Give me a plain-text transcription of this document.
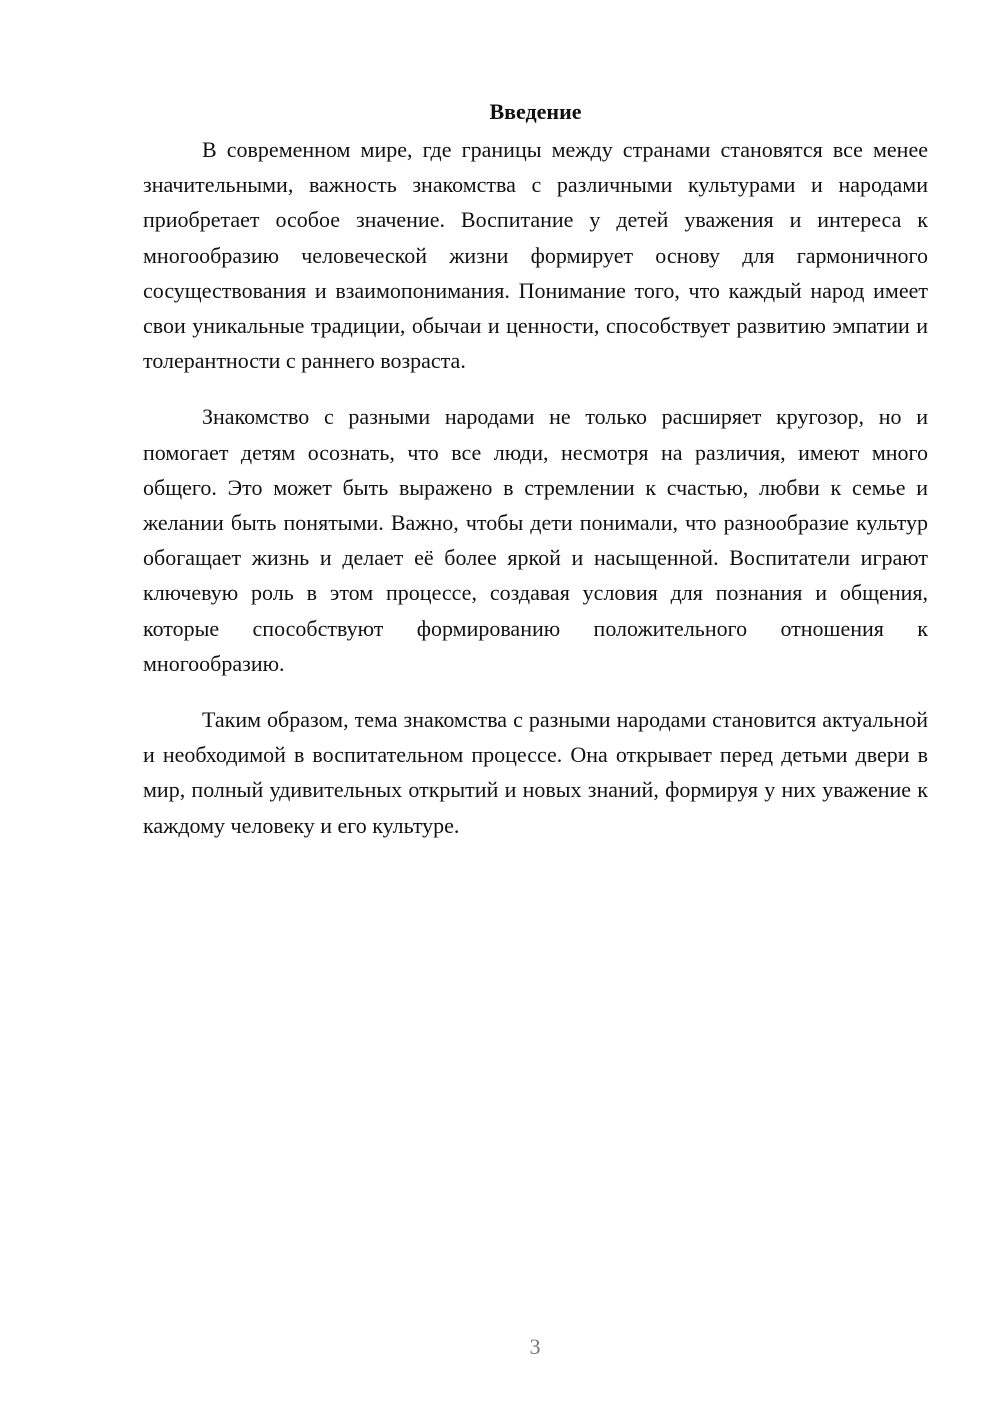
Введение

В современном мире, где границы между странами становятся все менее значительными, важность знакомства с различными культурами и народами приобретает особое значение. Воспитание у детей уважения и интереса к многообразию человеческой жизни формирует основу для гармоничного сосуществования и взаимопонимания. Понимание того, что каждый народ имеет свои уникальные традиции, обычаи и ценности, способствует развитию эмпатии и толерантности с раннего возраста.

Знакомство с разными народами не только расширяет кругозор, но и помогает детям осознать, что все люди, несмотря на различия, имеют много общего. Это может быть выражено в стремлении к счастью, любви к семье и желании быть понятыми. Важно, чтобы дети понимали, что разнообразие культур обогащает жизнь и делает её более яркой и насыщенной. Воспитатели играют ключевую роль в этом процессе, создавая условия для познания и общения, которые способствуют формированию положительного отношения к многообразию.

Таким образом, тема знакомства с разными народами становится актуальной и необходимой в воспитательном процессе. Она открывает перед детьми двери в мир, полный удивительных открытий и новых знаний, формируя у них уважение к каждому человеку и его культуре.

3
